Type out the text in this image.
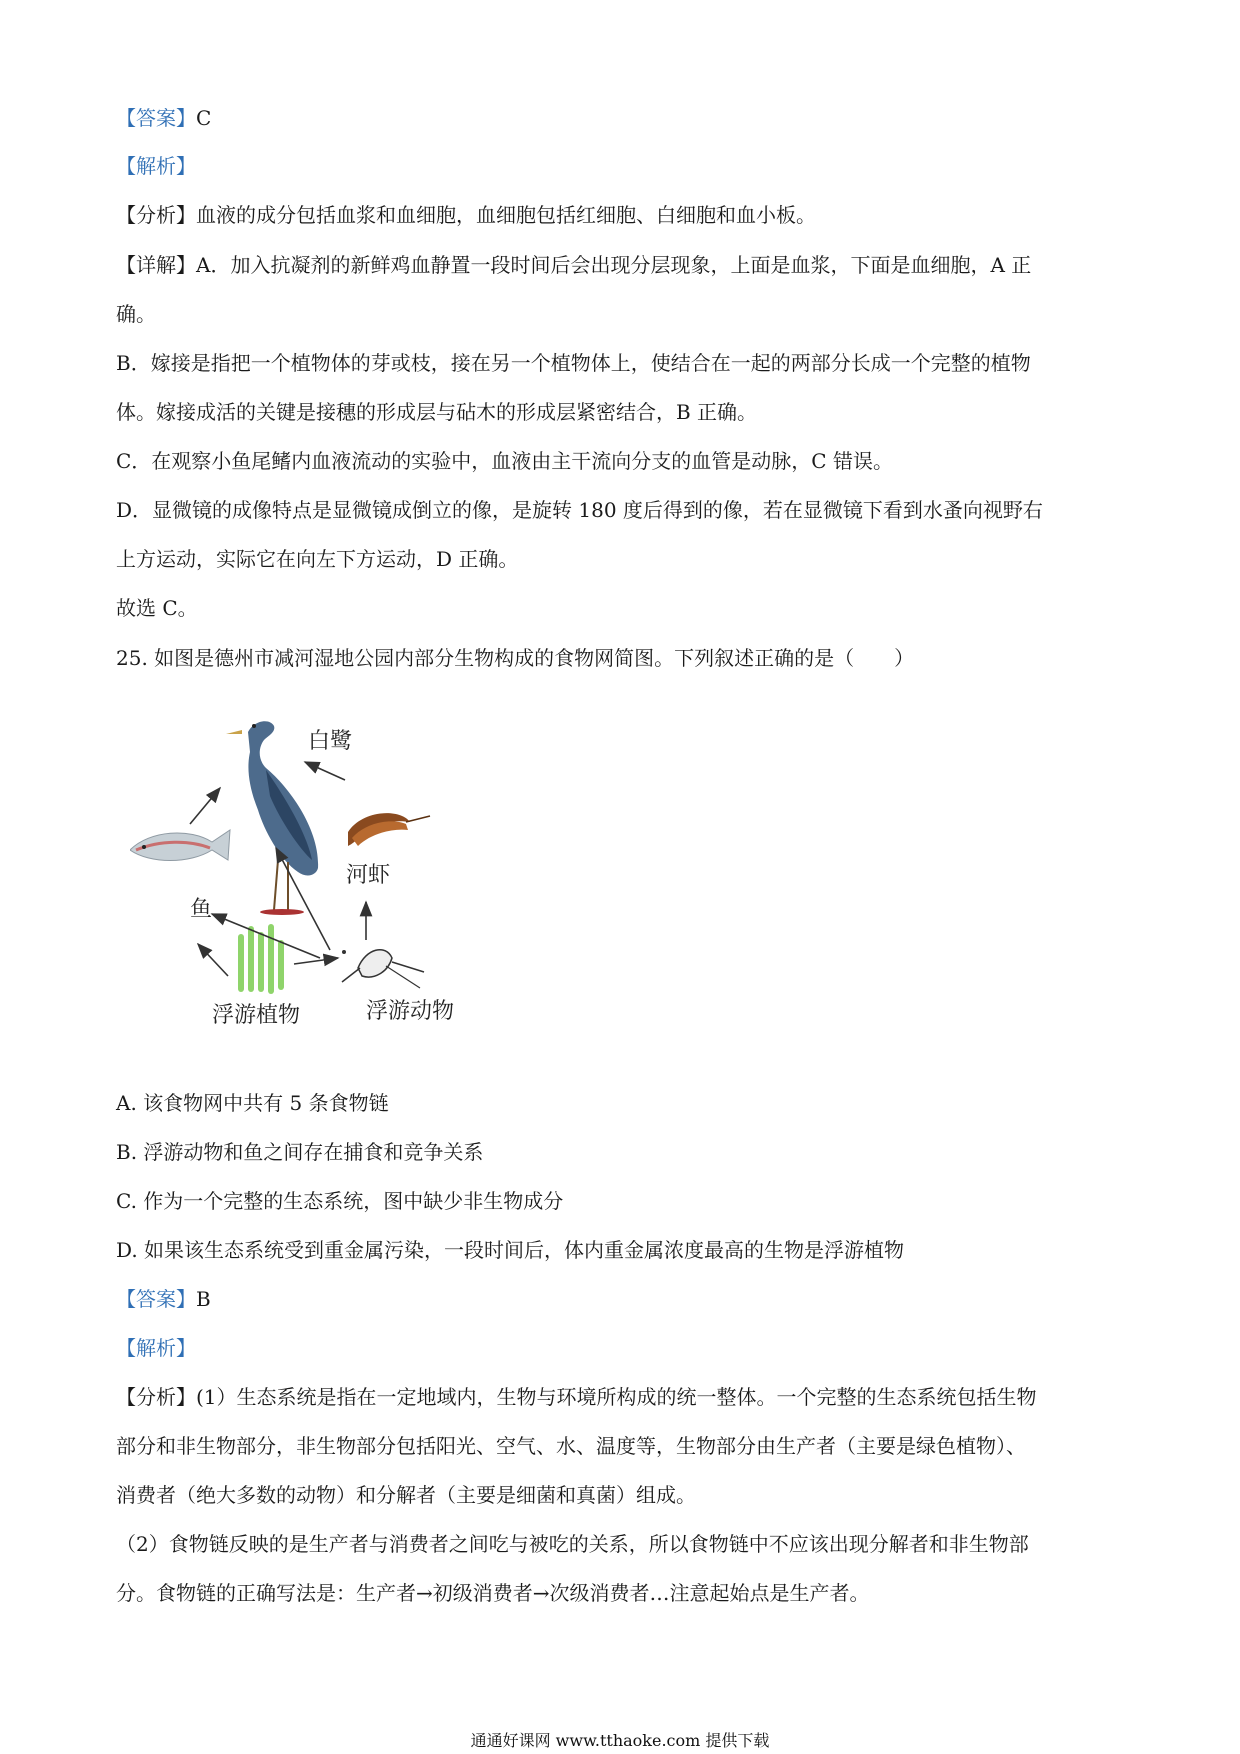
【答案】C
【解析】
【分析】血液的成分包括血浆和血细胞，血细胞包括红细胞、白细胞和血小板。
【详解】A．加入抗凝剂的新鲜鸡血静置一段时间后会出现分层现象，上面是血浆，下面是血细胞，A 正
确。
B．嫁接是指把一个植物体的芽或枝，接在另一个植物体上，使结合在一起的两部分长成一个完整的植物
体。嫁接成活的关键是接穗的形成层与砧木的形成层紧密结合，B 正确。
C．在观察小鱼尾鳍内血液流动的实验中，血液由主干流向分支的血管是动脉，C 错误。
D．显微镜的成像特点是显微镜成倒立的像，是旋转 180 度后得到的像，若在显微镜下看到水蚤向视野右
上方运动，实际它在向左下方运动，D 正确。
故选 C。
25. 如图是德州市减河湿地公园内部分生物构成的食物网简图。下列叙述正确的是（　　）
白鹭
河虾
鱼
浮游植物	浮游动物
A. 该食物网中共有 5 条食物链
B. 浮游动物和鱼之间存在捕食和竞争关系
C. 作为一个完整的生态系统，图中缺少非生物成分
D. 如果该生态系统受到重金属污染，一段时间后，体内重金属浓度最高的生物是浮游植物
【答案】B
【解析】
【分析】(1）生态系统是指在一定地域内，生物与环境所构成的统一整体。一个完整的生态系统包括生物
部分和非生物部分，非生物部分包括阳光、空气、水、温度等，生物部分由生产者（主要是绿色植物）、
消费者（绝大多数的动物）和分解者（主要是细菌和真菌）组成。
（2）食物链反映的是生产者与消费者之间吃与被吃的关系，所以食物链中不应该出现分解者和非生物部
分。食物链的正确写法是：生产者→初级消费者→次级消费者…注意起始点是生产者。
通通好课网 www.tthaoke.com 提供下载
